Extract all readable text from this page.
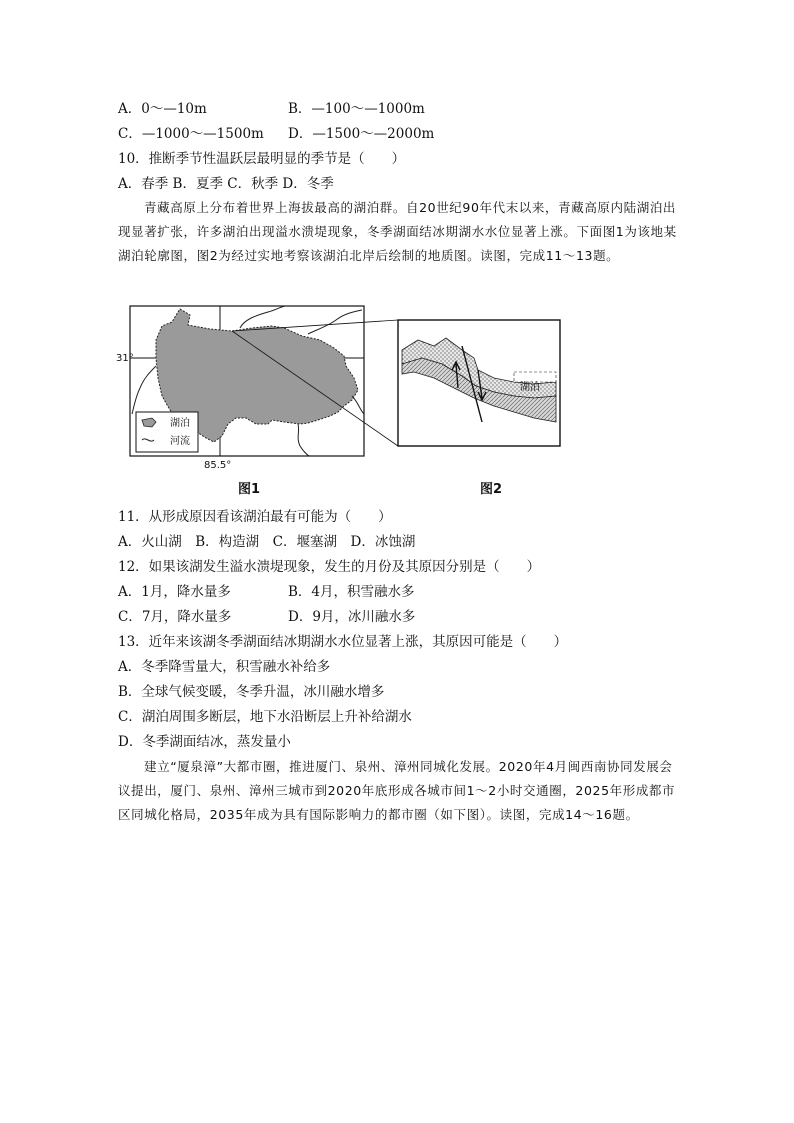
A．0～—10m	B．—100～—1000m
C．—1000～—1500m D．—1500～—2000m
10．推断季节性温跃层最明显的季节是（　　）
A．春季 B．夏季 C．秋季 D．冬季
青藏高原上分布着世界上海拔最高的湖泊群。自20世纪90年代末以来，青藏高原内陆湖泊出现显著扩张，许多湖泊出现溢水溃堤现象，冬季湖面结冰期湖水水位显著上涨。下面图1为该地某湖泊轮廓图，图2为经过实地考察该湖泊北岸后绘制的地质图。读图，完成11～13题。
湖泊
河流
31°
85.5°
湖泊
图1	图2
11．从形成原因看该湖泊最有可能为（　　）
A．火山湖　B．构造湖　C．堰塞湖　D．冰蚀湖
12．如果该湖发生溢水溃堤现象，发生的月份及其原因分别是（　　）
A．1月，降水量多	B．4月，积雪融水多
C．7月，降水量多	D．9月，冰川融水多
13．近年来该湖冬季湖面结冰期湖水水位显著上涨，其原因可能是（　　）
A．冬季降雪量大，积雪融水补给多
B．全球气候变暖，冬季升温，冰川融水增多
C．湖泊周围多断层，地下水沿断层上升补给湖水
D．冬季湖面结冰，蒸发量小
建立“厦泉漳”大都市圈，推进厦门、泉州、漳州同城化发展。2020年4月闽西南协同发展会议提出，厦门、泉州、漳州三城市到2020年底形成各城市间1～2小时交通圈，2025年形成都市区同城化格局，2035年成为具有国际影响力的都市圈（如下图）。读图，完成14～16题。
